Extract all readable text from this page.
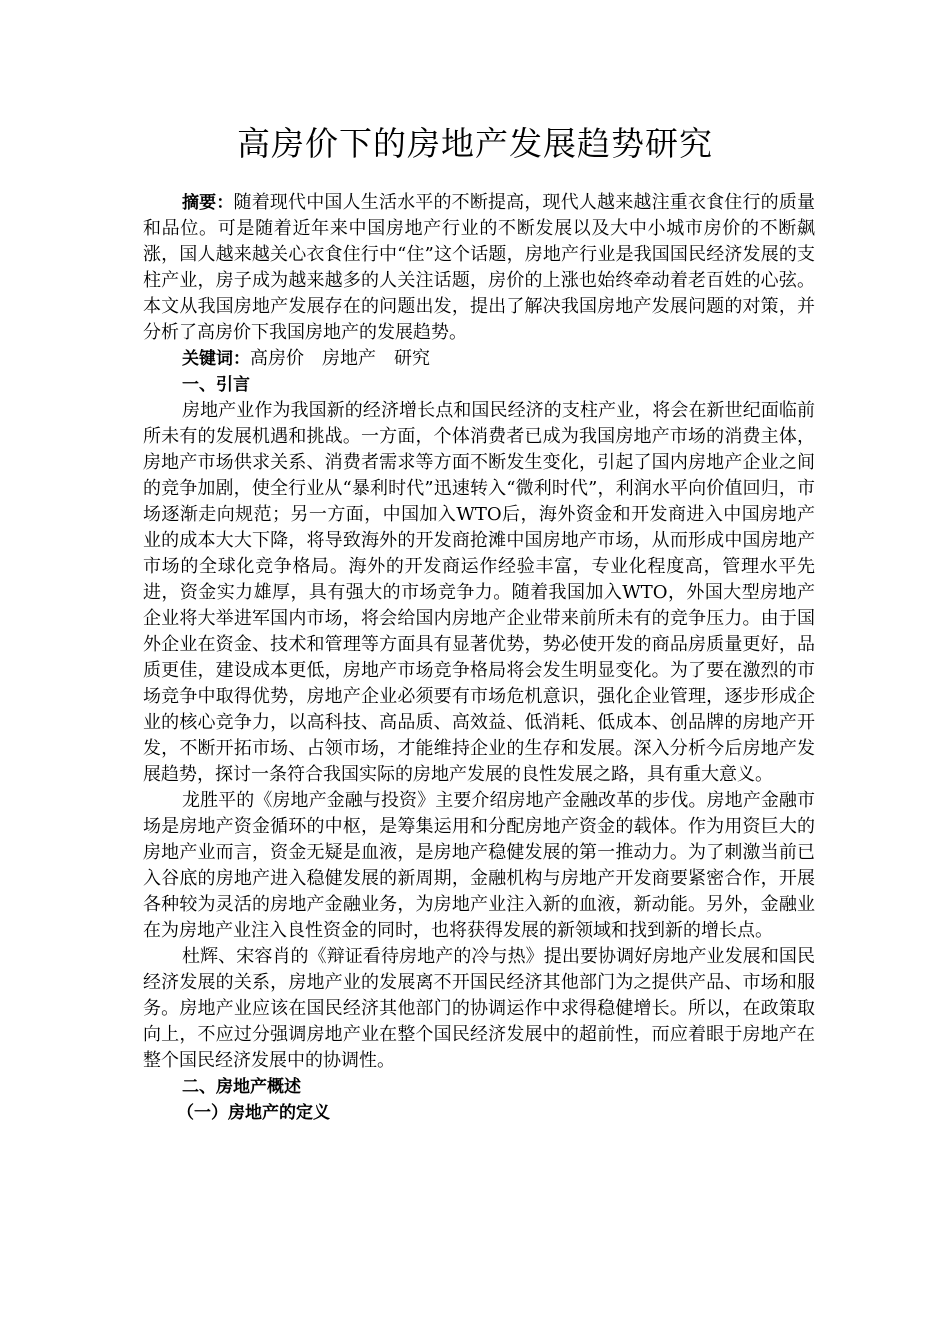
高房价下的房地产发展趋势研究

摘要：随着现代中国人生活水平的不断提高，现代人越来越注重衣食住行的质量和品位。可是随着近年来中国房地产行业的不断发展以及大中小城市房价的不断飙涨，国人越来越关心衣食住行中“住”这个话题，房地产行业是我国国民经济发展的支柱产业，房子成为越来越多的人关注话题，房价的上涨也始终牵动着老百姓的心弦。本文从我国房地产发展存在的问题出发，提出了解决我国房地产发展问题的对策，并分析了高房价下我国房地产的发展趋势。

关键词：高房价 房地产 研究

一、引言

房地产业作为我国新的经济增长点和国民经济的支柱产业，将会在新世纪面临前所未有的发展机遇和挑战。一方面，个体消费者已成为我国房地产市场的消费主体，房地产市场供求关系、消费者需求等方面不断发生变化，引起了国内房地产企业之间的竞争加剧，使全行业从“暴利时代”迅速转入“微利时代”，利润水平向价值回归，市场逐渐走向规范；另一方面，中国加入WTO后，海外资金和开发商进入中国房地产业的成本大大下降，将导致海外的开发商抢滩中国房地产市场，从而形成中国房地产市场的全球化竞争格局。海外的开发商运作经验丰富，专业化程度高，管理水平先进，资金实力雄厚，具有强大的市场竞争力。随着我国加入WTO，外国大型房地产企业将大举进军国内市场，将会给国内房地产企业带来前所未有的竞争压力。由于国外企业在资金、技术和管理等方面具有显著优势，势必使开发的商品房质量更好，品质更佳，建设成本更低，房地产市场竞争格局将会发生明显变化。为了要在激烈的市场竞争中取得优势，房地产企业必须要有市场危机意识，强化企业管理，逐步形成企业的核心竞争力，以高科技、高品质、高效益、低消耗、低成本、创品牌的房地产开发，不断开拓市场、占领市场，才能维持企业的生存和发展。深入分析今后房地产发展趋势，探讨一条符合我国实际的房地产发展的良性发展之路，具有重大意义。

龙胜平的《房地产金融与投资》主要介绍房地产金融改革的步伐。房地产金融市场是房地产资金循环的中枢，是筹集运用和分配房地产资金的载体。作为用资巨大的房地产业而言，资金无疑是血液，是房地产稳健发展的第一推动力。为了刺激当前已入谷底的房地产进入稳健发展的新周期，金融机构与房地产开发商要紧密合作，开展各种较为灵活的房地产金融业务，为房地产业注入新的血液，新动能。另外，金融业在为房地产业注入良性资金的同时，也将获得发展的新领域和找到新的增长点。

杜辉、宋容肖的《辩证看待房地产的冷与热》提出要协调好房地产业发展和国民经济发展的关系，房地产业的发展离不开国民经济其他部门为之提供产品、市场和服务。房地产业应该在国民经济其他部门的协调运作中求得稳健增长。所以，在政策取向上，不应过分强调房地产业在整个国民经济发展中的超前性，而应着眼于房地产在整个国民经济发展中的协调性。

二、房地产概述

（一）房地产的定义
